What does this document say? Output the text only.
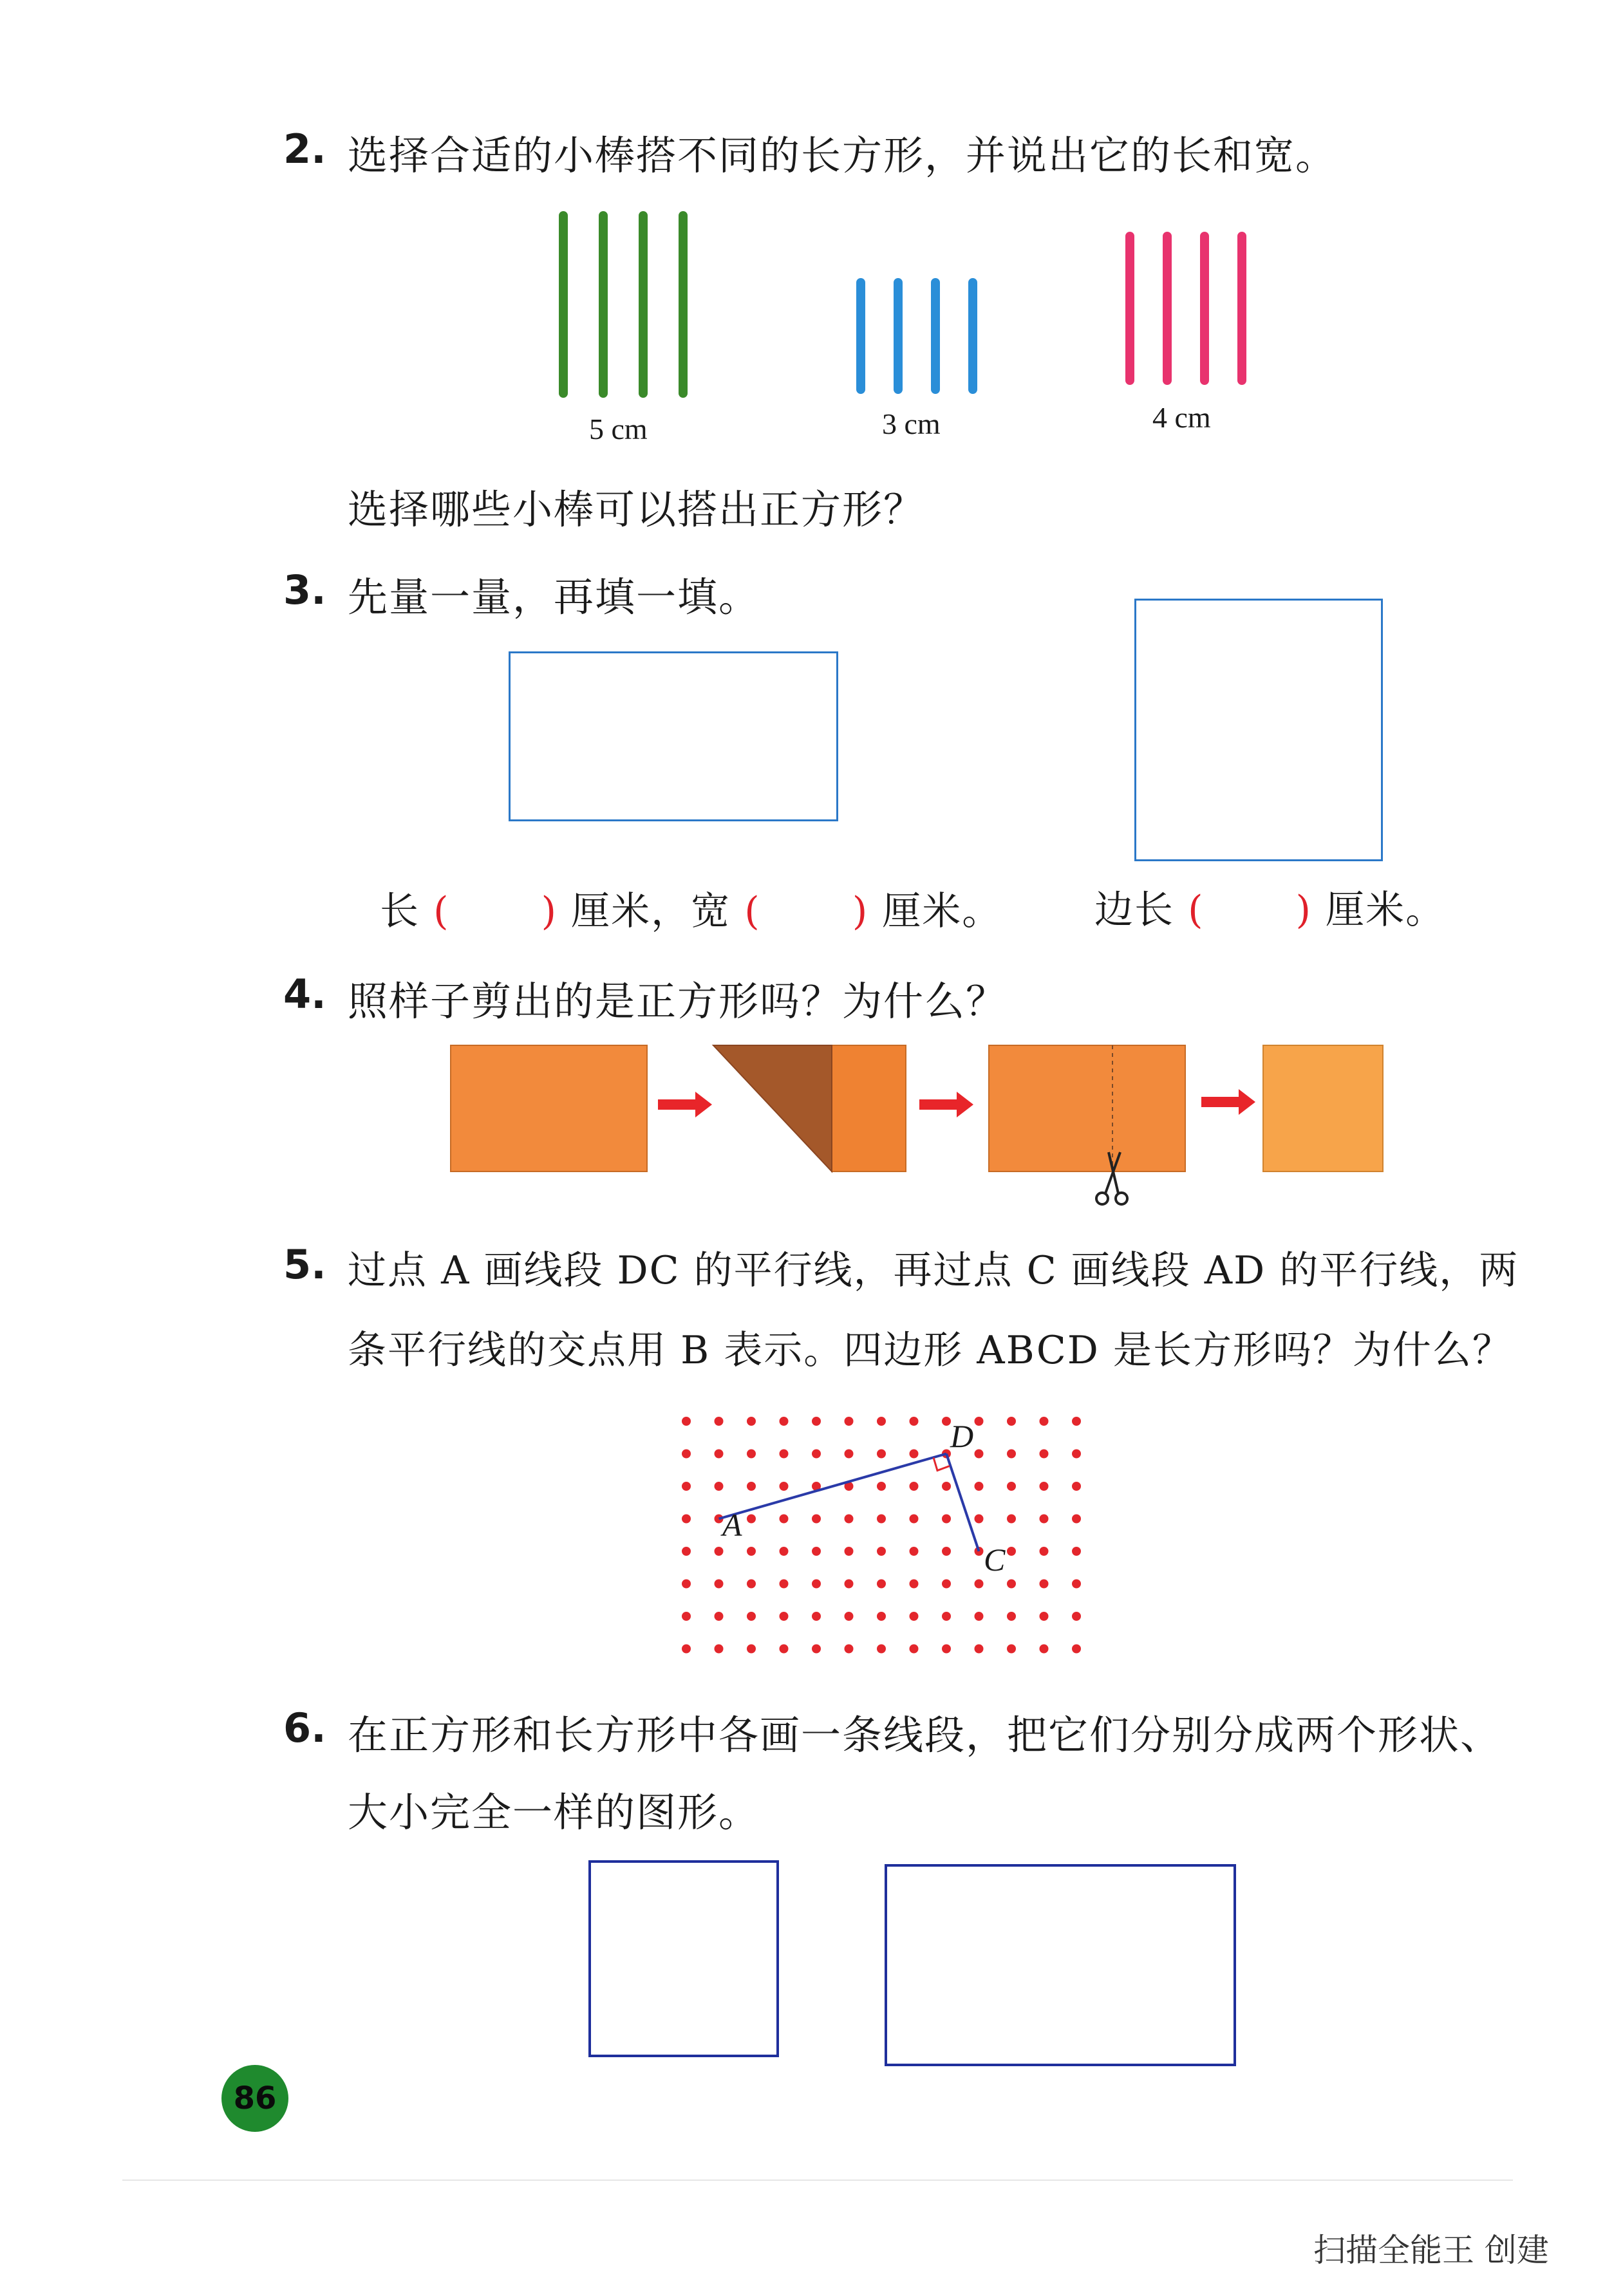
2. 选择合适的小棒搭不同的长方形，并说出它的长和宽。
5 cm	3 cm	4 cm
选择哪些小棒可以搭出正方形？
3. 先量一量，再填一填。
长 ( ) 厘米，宽 ( ) 厘米。 边长 ( ) 厘米。
4. 照样子剪出的是正方形吗？为什么？
5. 过点 A 画线段 DC 的平行线，再过点 C 画线段 AD 的平行线，两
条平行线的交点用 B 表示。四边形 ABCD 是长方形吗？为什么？
A
D
C
6. 在正方形和长方形中各画一条线段，把它们分别分成两个形状、
大小完全一样的图形。
86
扫描全能王 创建
